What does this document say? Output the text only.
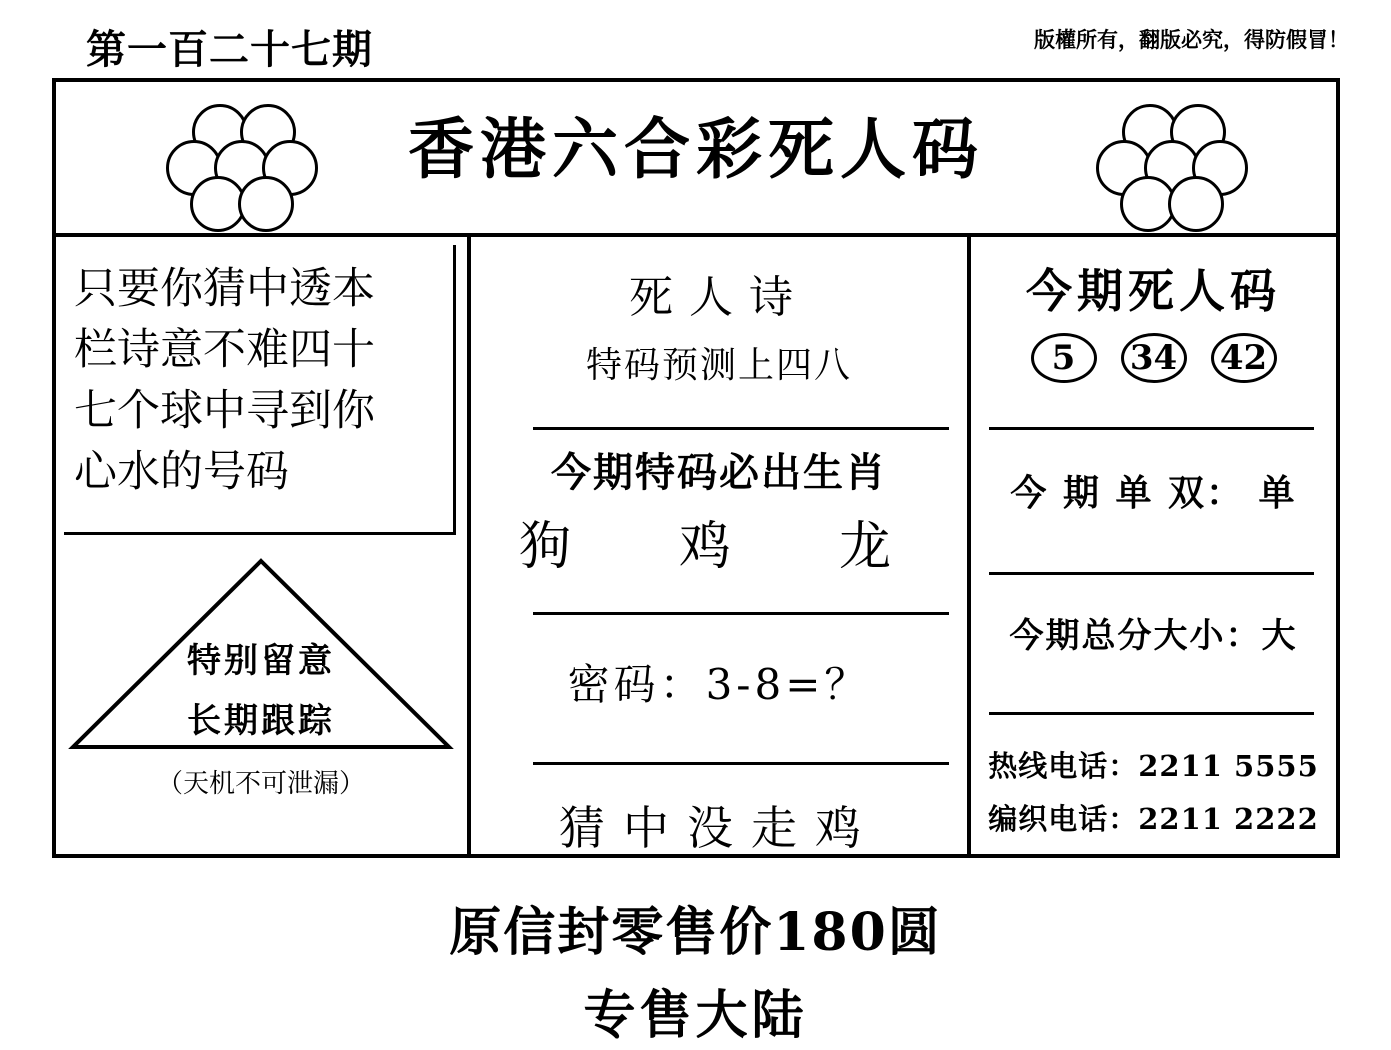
第一百二十七期	版權所有，翻版必究，得防假冒！
香港六合彩死人码
只要你猜中透本
栏诗意不难四十
七个球中寻到你
心水的号码
特别留意
长期跟踪
（天机不可泄漏）
死人诗
特码预测上四八
今期特码必出生肖
狗　鸡　龙
密码：3-8=？
猜中没走鸡
今期死人码
5	34 42
今 期 单 双： 单
今期总分大小：大
热线电话：2211 5555
编织电话：2211 2222
原信封零售价180圆
专售大陆
